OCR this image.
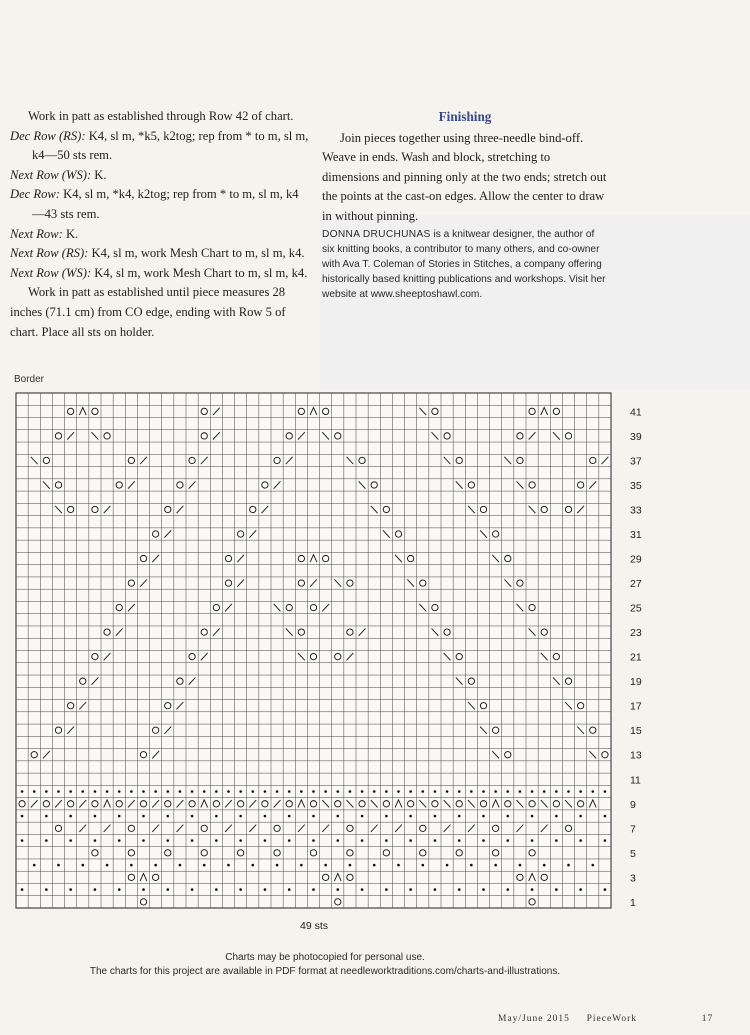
Work in patt as established through Row 42 of chart.

Dec Row (RS): K4, sl m, *k5, k2tog; rep from * to m, sl m, k4—50 sts rem.

Next Row (WS): K.

Dec Row: K4, sl m, *k4, k2tog; rep from * to m, sl m, k4—43 sts rem.

Next Row: K.

Next Row (RS): K4, sl m, work Mesh Chart to m, sl m, k4.

Next Row (WS): K4, sl m, work Mesh Chart to m, sl m, k4.

Work in patt as established until piece measures 28 inches (71.1 cm) from CO edge, ending with Row 5 of chart. Place all sts on holder.

Finishing

Join pieces together using three-needle bind-off. Weave in ends. Wash and block, stretching to dimensions and pinning only at the two ends; stretch out the points at the cast-on edges. Allow the center to draw in without pinning.

DONNA DRUCHUNAS is a knitwear designer, the author of six knitting books, a contributor to many others, and co-owner with Ava T. Coleman of Stories in Stitches, a company offering historically based knitting publications and workshops. Visit her website at www.sheeptoshawl.com.

Border
41
39
37
35
33
31
29
27
25
23
21
19
17
15
13
11
9
7
5
3
1
49 sts
Charts may be photocopied for personal use.
The charts for this project are available in PDF format at needleworktraditions.com/charts-and-illustrations.
May/June 2015 PieceWork	17
